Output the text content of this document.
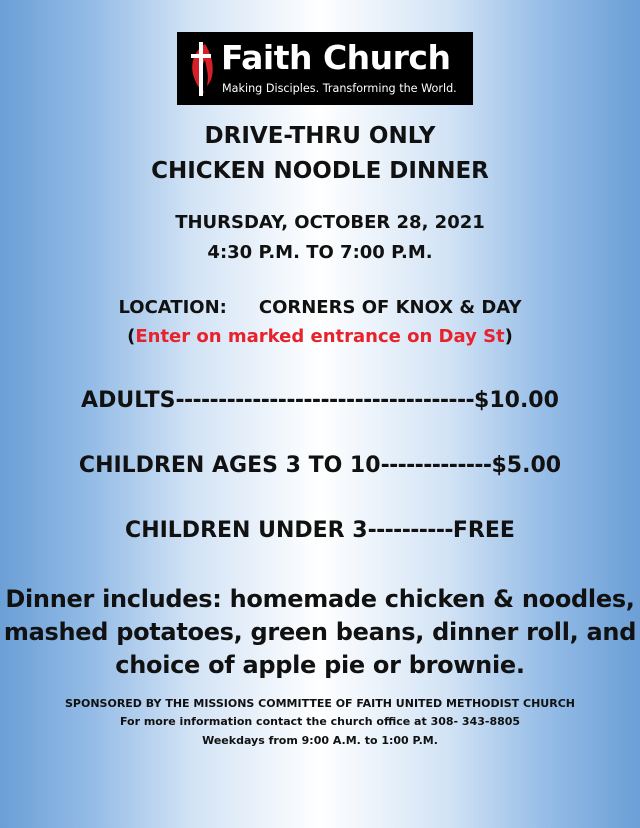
Faith Church
Making Disciples. Transforming the World.
DRIVE-THRU ONLY
CHICKEN NOODLE DINNER
THURSDAY, OCTOBER 28, 2021
4:30 P.M. TO 7:00 P.M.
LOCATION: CORNERS OF KNOX & DAY
(Enter on marked entrance on Day St)
ADULTS-----------------------------------$10.00
CHILDREN AGES 3 TO 10-------------$5.00
CHILDREN UNDER 3----------FREE
Dinner includes: homemade chicken & noodles,
mashed potatoes, green beans, dinner roll, and
choice of apple pie or brownie.
SPONSORED BY THE MISSIONS COMMITTEE OF FAITH UNITED METHODIST CHURCH
For more information contact the church office at 308- 343-8805
Weekdays from 9:00 A.M. to 1:00 P.M.
